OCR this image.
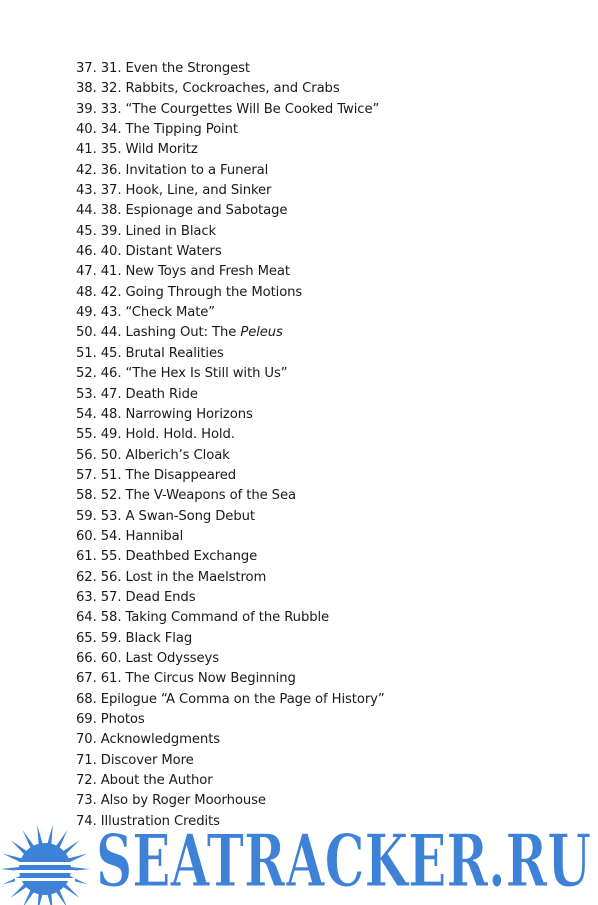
37. 31. Even the Strongest
38. 32. Rabbits, Cockroaches, and Crabs
39. 33. “The Courgettes Will Be Cooked Twice”
40. 34. The Tipping Point
41. 35. Wild Moritz
42. 36. Invitation to a Funeral
43. 37. Hook, Line, and Sinker
44. 38. Espionage and Sabotage
45. 39. Lined in Black
46. 40. Distant Waters
47. 41. New Toys and Fresh Meat
48. 42. Going Through the Motions
49. 43. “Check Mate”
50. 44. Lashing Out: The Peleus
51. 45. Brutal Realities
52. 46. “The Hex Is Still with Us”
53. 47. Death Ride
54. 48. Narrowing Horizons
55. 49. Hold. Hold. Hold.
56. 50. Alberich’s Cloak
57. 51. The Disappeared
58. 52. The V-Weapons of the Sea
59. 53. A Swan-Song Debut
60. 54. Hannibal
61. 55. Deathbed Exchange
62. 56. Lost in the Maelstrom
63. 57. Dead Ends
64. 58. Taking Command of the Rubble
65. 59. Black Flag
66. 60. Last Odysseys
67. 61. The Circus Now Beginning
68. Epilogue “A Comma on the Page of History”
69. Photos
70. Acknowledgments
71. Discover More
72. About the Author
73. Also by Roger Moorhouse
74. Illustration Credits
SEATRACKER.RU
